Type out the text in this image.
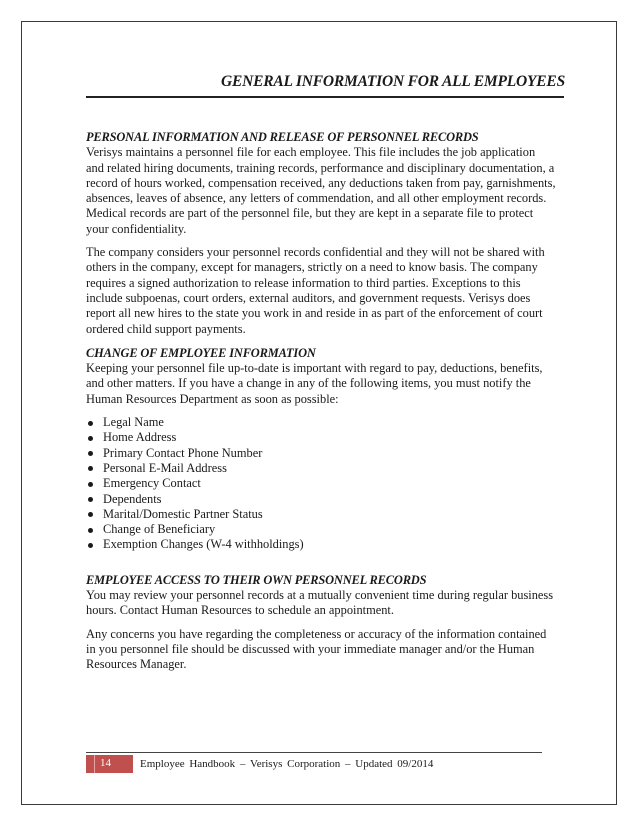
GENERAL INFORMATION FOR ALL EMPLOYEES
PERSONAL INFORMATION AND RELEASE OF PERSONNEL RECORDS

Verisys maintains a personnel file for each employee. This file includes the job application and related hiring documents, training records, performance and disciplinary documentation, a record of hours worked, compensation received, any deductions taken from pay, garnishments, absences, leaves of absence, any letters of commendation, and all other employment records. Medical records are part of the personnel file, but they are kept in a separate file to protect your confidentiality.

The company considers your personnel records confidential and they will not be shared with others in the company, except for managers, strictly on a need to know basis. The company requires a signed authorization to release information to third parties. Exceptions to this include subpoenas, court orders, external auditors, and government requests. Verisys does report all new hires to the state you work in and reside in as part of the enforcement of court ordered child support payments.

CHANGE OF EMPLOYEE INFORMATION

Keeping your personnel file up-to-date is important with regard to pay, deductions, benefits, and other matters. If you have a change in any of the following items, you must notify the Human Resources Department as soon as possible:

Legal Name
Home Address
Primary Contact Phone Number
Personal E-Mail Address
Emergency Contact
Dependents
Marital/Domestic Partner Status
Change of Beneficiary
Exemption Changes (W-4 withholdings)
EMPLOYEE ACCESS TO THEIR OWN PERSONNEL RECORDS

You may review your personnel records at a mutually convenient time during regular business hours. Contact Human Resources to schedule an appointment.

Any concerns you have regarding the completeness or accuracy of the information contained in you personnel file should be discussed with your immediate manager and/or the Human Resources Manager.

14	Employee Handbook – Verisys Corporation – Updated 09/2014
